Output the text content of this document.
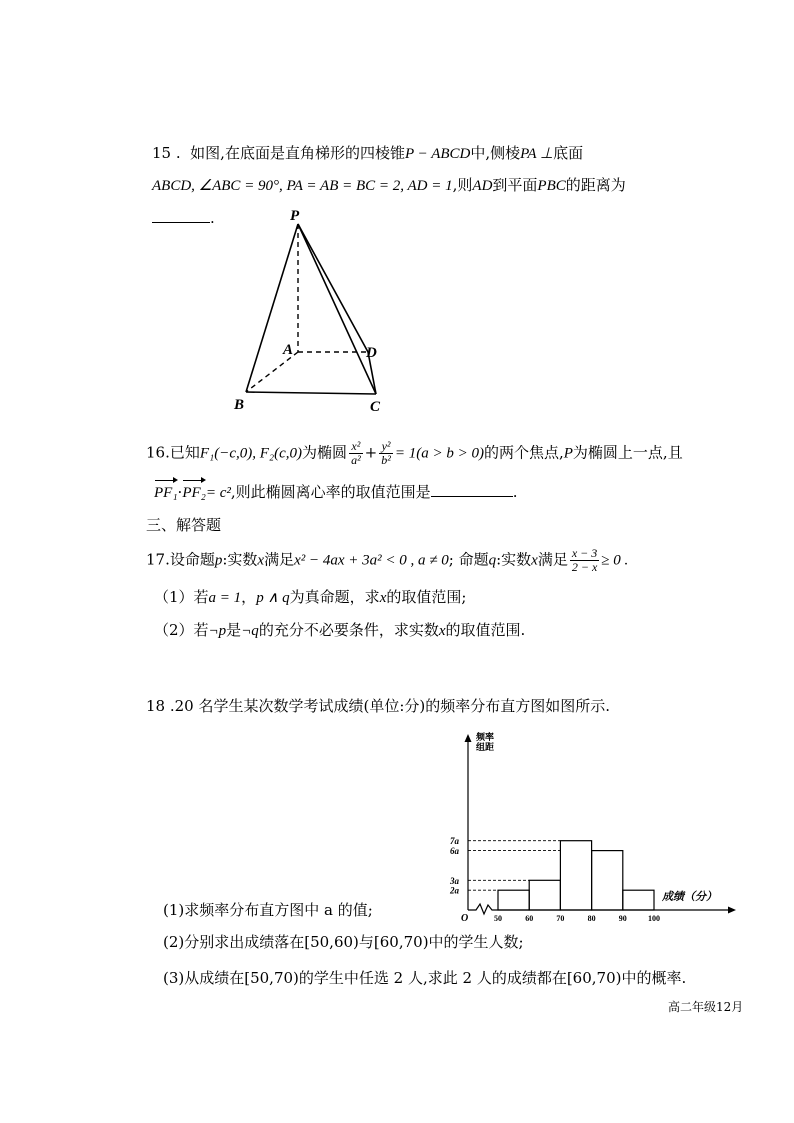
15 . 如图,在底面是直角梯形的四棱锥P − ABCD中,侧棱PA ⊥底面
ABCD, ∠ABC = 90°, PA = AB = BC = 2, AD = 1,则AD到平面PBC的距离为
.	P
A
B	C
D
16.已知F₁(−c,0), F₂(c,0)为椭圆 $\frac{\text{x²}}{\text{a²}} + \frac{\text{y²}}{\text{b²}} = 1(a > b > 0)$的两个焦点,P为椭圆上一点,且
PF₁·PF₂= c²,则此椭圆离心率的取值范围是	.
三、解答题
17.设命题p:实数x满足x² − 4ax + 3a² < 0 , a ≠ 0; 命题q:实数x满足 $\frac{x - 3}{2 - x} \ge 0$ .
（1）若a = 1，p ∧ q为真命题，求x的取值范围;
（2）若¬p是¬q的充分不必要条件，求实数x的取值范围.
18 .20 名学生某次数学考试成绩(单位:分)的频率分布直方图如图所示.
频率
组距
成绩（分）
O
2a
3a
6a
7a
50	60	70	80	90	100
(1)求频率分布直方图中 a 的值;
(2)分别求出成绩落在[50,60)与[60,70)中的学生人数;
(3)从成绩在[50,70)的学生中任选 2 人,求此 2 人的成绩都在[60,70)中的概率.
高二年级12月
